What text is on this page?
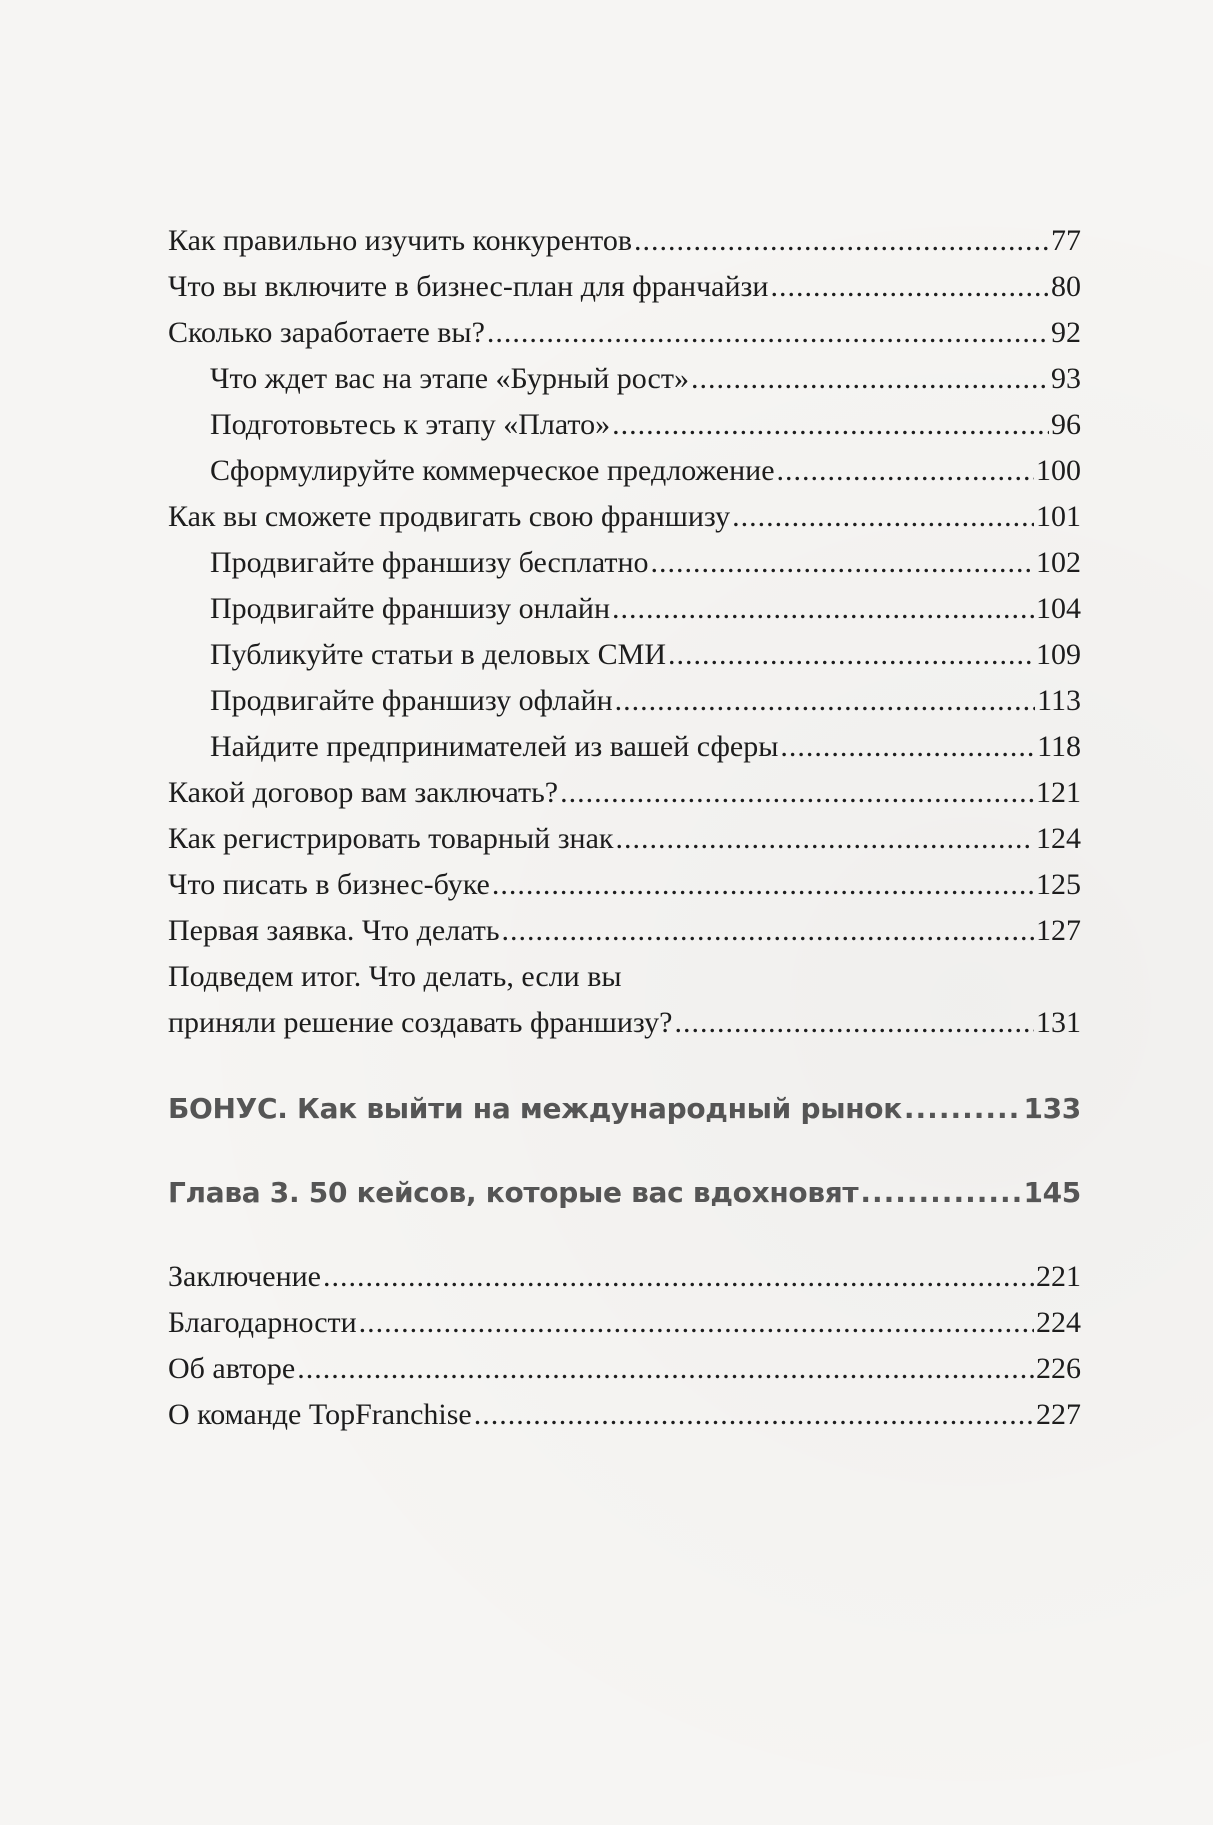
Как правильно изучить конкурентов .....	77
Что вы включите в бизнес-план для франчайзи .....	80
Сколько заработаете вы? .....	92
Что ждет вас на этапе «Бурный рост» .....	93
Подготовьтесь к этапу «Плато» .....	96
Сформулируйте коммерческое предложение .....	100
Как вы сможете продвигать свою франшизу .....	101
Продвигайте франшизу бесплатно .....	102
Продвигайте франшизу онлайн .....	104
Публикуйте статьи в деловых СМИ .....	109
Продвигайте франшизу офлайн .....	113
Найдите предпринимателей из вашей сферы .....	118
Какой договор вам заключать? .....	121
Как регистрировать товарный знак .....	124
Что писать в бизнес-буке .....	125
Первая заявка. Что делать .....	127
Подведем итог. Что делать, если вы
приняли решение создавать франшизу? .....	131
БОНУС. Как выйти на международный рынок .....	133
Глава 3. 50 кейсов, которые вас вдохновят .....	145
Заключение .....	221
Благодарности .....	224
Об авторе .....	226
О команде TopFranchise .....	227
